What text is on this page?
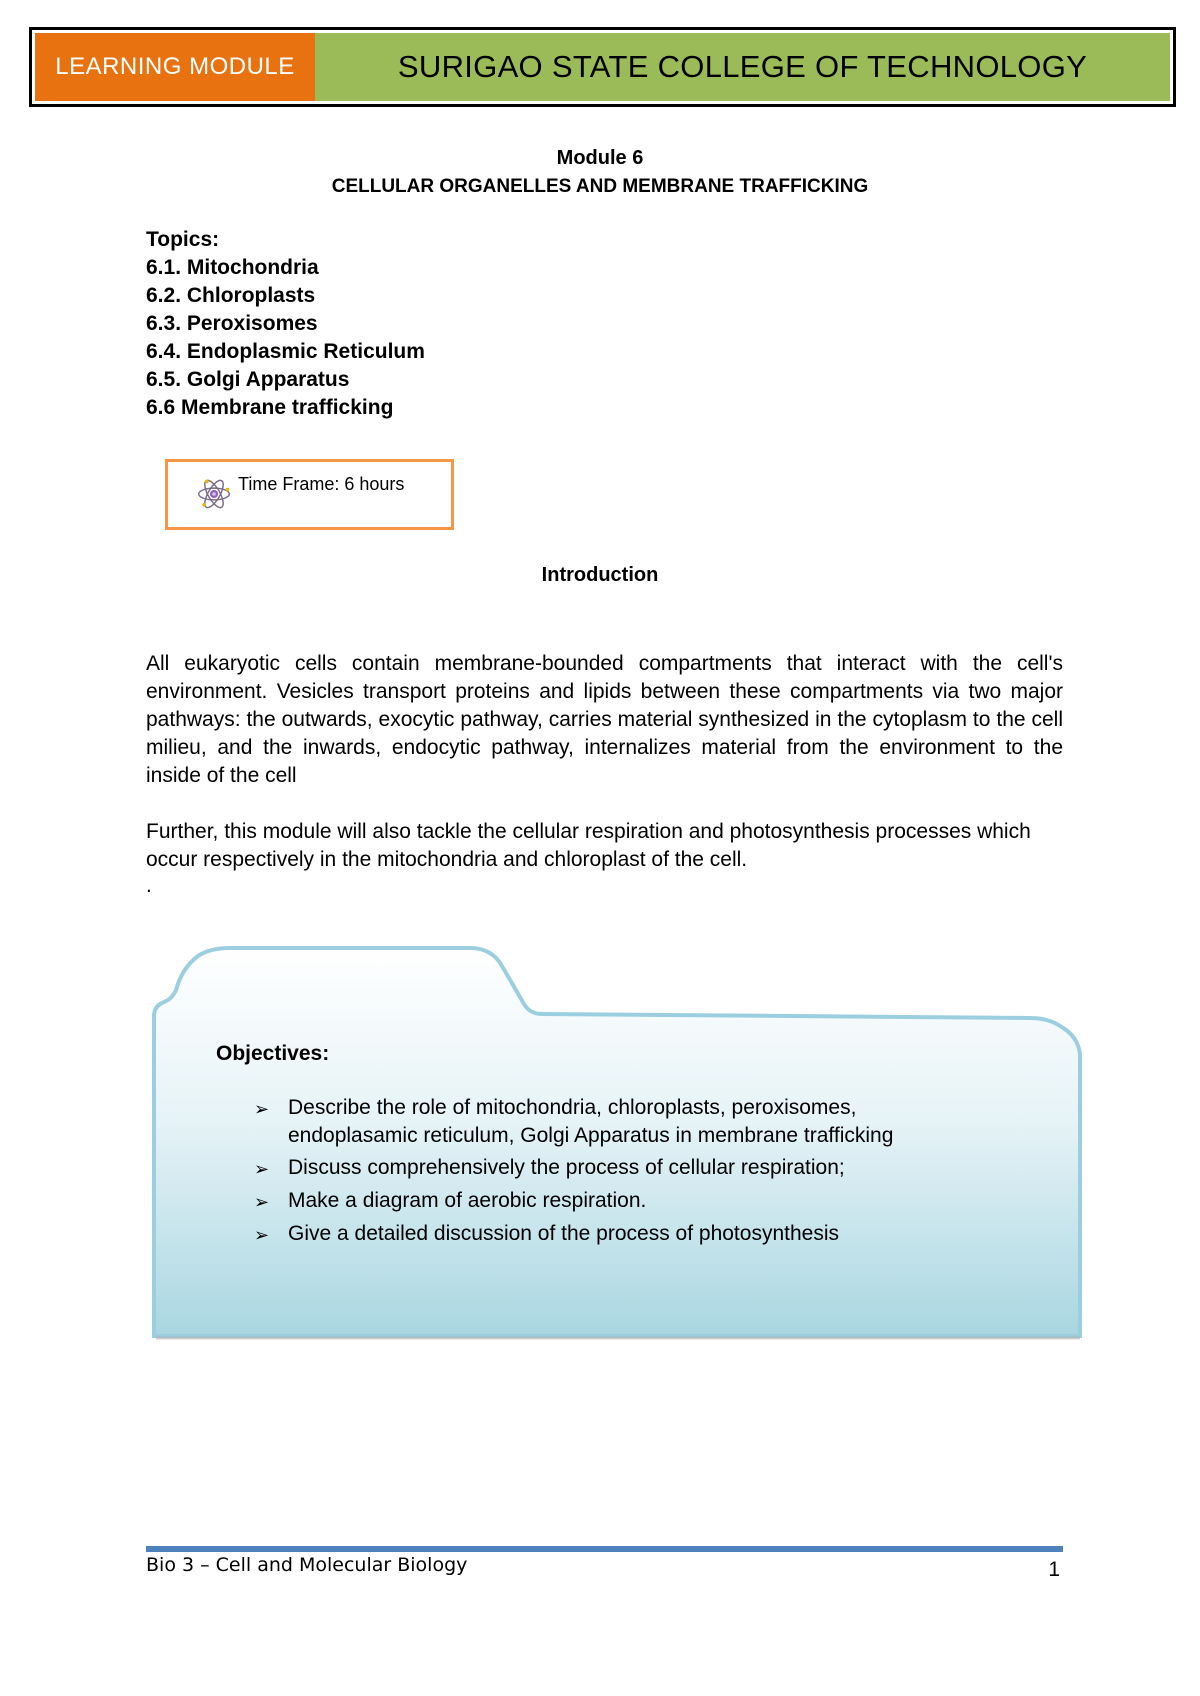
LEARNING MODULE	SURIGAO STATE COLLEGE OF TECHNOLOGY
Module 6
CELLULAR ORGANELLES AND MEMBRANE TRAFFICKING
Topics:
6.1. Mitochondria
6.2. Chloroplasts
6.3. Peroxisomes
6.4. Endoplasmic Reticulum
6.5. Golgi Apparatus
6.6 Membrane trafficking
Time Frame: 6 hours
Introduction

All eukaryotic cells contain membrane-bounded compartments that interact with the cell's environment. Vesicles transport proteins and lipids between these compartments via two major pathways: the outwards, exocytic pathway, carries material synthesized in the cytoplasm to the cell milieu, and the inwards, endocytic pathway, internalizes material from the environment to the inside of the cell

Further, this module will also tackle the cellular respiration and photosynthesis processes which occur respectively in the mitochondria and chloroplast of the cell.

.
Objectives:
➢ Describe the role of mitochondria, chloroplasts, peroxisomes,
endoplasamic reticulum, Golgi Apparatus in membrane trafficking
➢ Discuss comprehensively the process of cellular respiration;
➢ Make a diagram of aerobic respiration.
➢ Give a detailed discussion of the process of photosynthesis
Bio 3 – Cell and Molecular Biology	1
